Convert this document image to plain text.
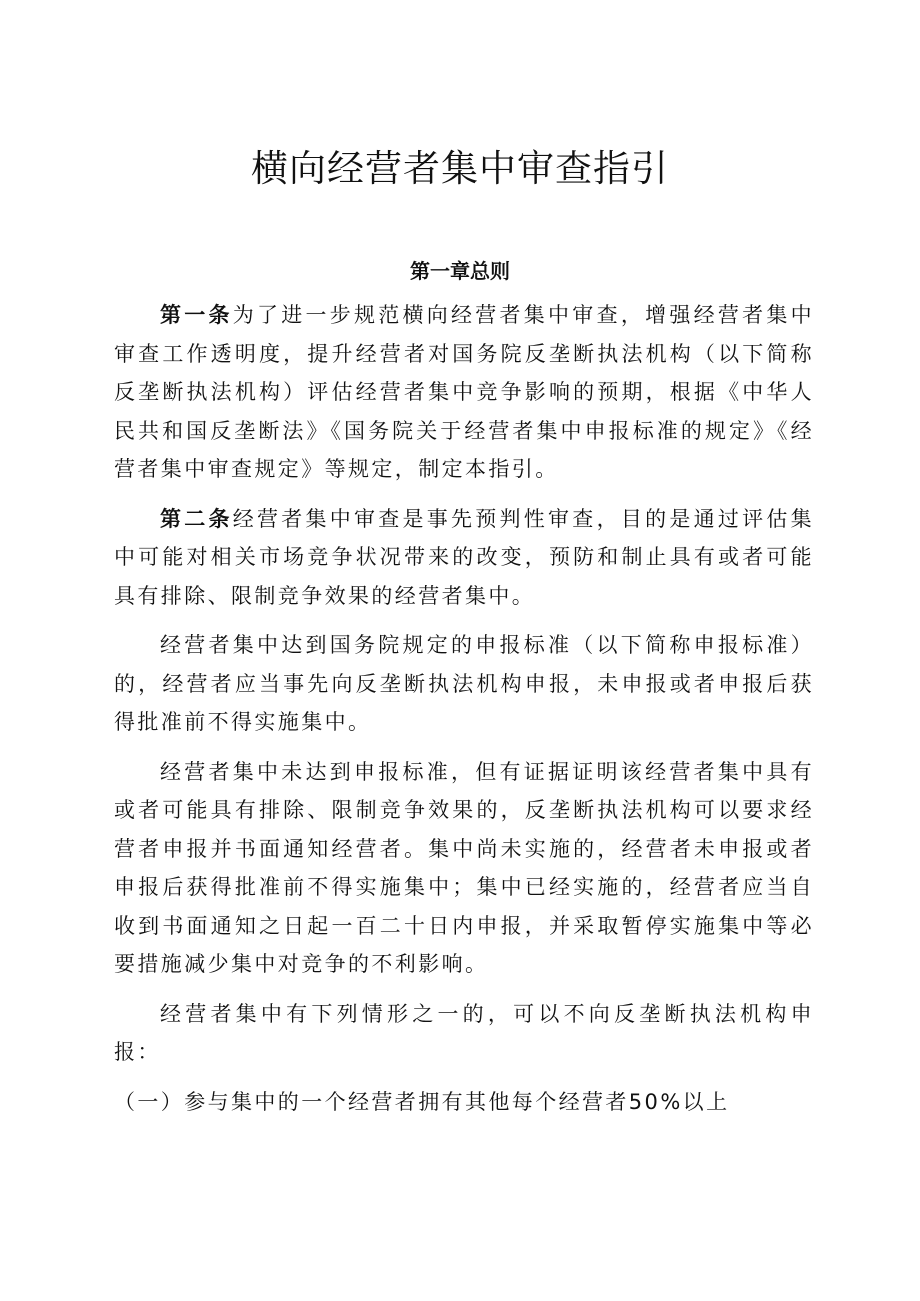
横向经营者集中审查指引
第一章总则

第一条为了进一步规范横向经营者集中审查，增强经营者集中审查工作透明度，提升经营者对国务院反垄断执法机构（以下简称反垄断执法机构）评估经营者集中竞争影响的预期，根据《中华人民共和国反垄断法》《国务院关于经营者集中申报标准的规定》《经营者集中审查规定》等规定，制定本指引。

第二条经营者集中审查是事先预判性审查，目的是通过评估集中可能对相关市场竞争状况带来的改变，预防和制止具有或者可能具有排除、限制竞争效果的经营者集中。

经营者集中达到国务院规定的申报标准（以下简称申报标准）的，经营者应当事先向反垄断执法机构申报，未申报或者申报后获得批准前不得实施集中。

经营者集中未达到申报标准，但有证据证明该经营者集中具有或者可能具有排除、限制竞争效果的，反垄断执法机构可以要求经营者申报并书面通知经营者。集中尚未实施的，经营者未申报或者申报后获得批准前不得实施集中；集中已经实施的，经营者应当自收到书面通知之日起一百二十日内申报，并采取暂停实施集中等必要措施减少集中对竞争的不利影响。

经营者集中有下列情形之一的，可以不向反垄断执法机构申报：

（一）参与集中的一个经营者拥有其他每个经营者50%以上
